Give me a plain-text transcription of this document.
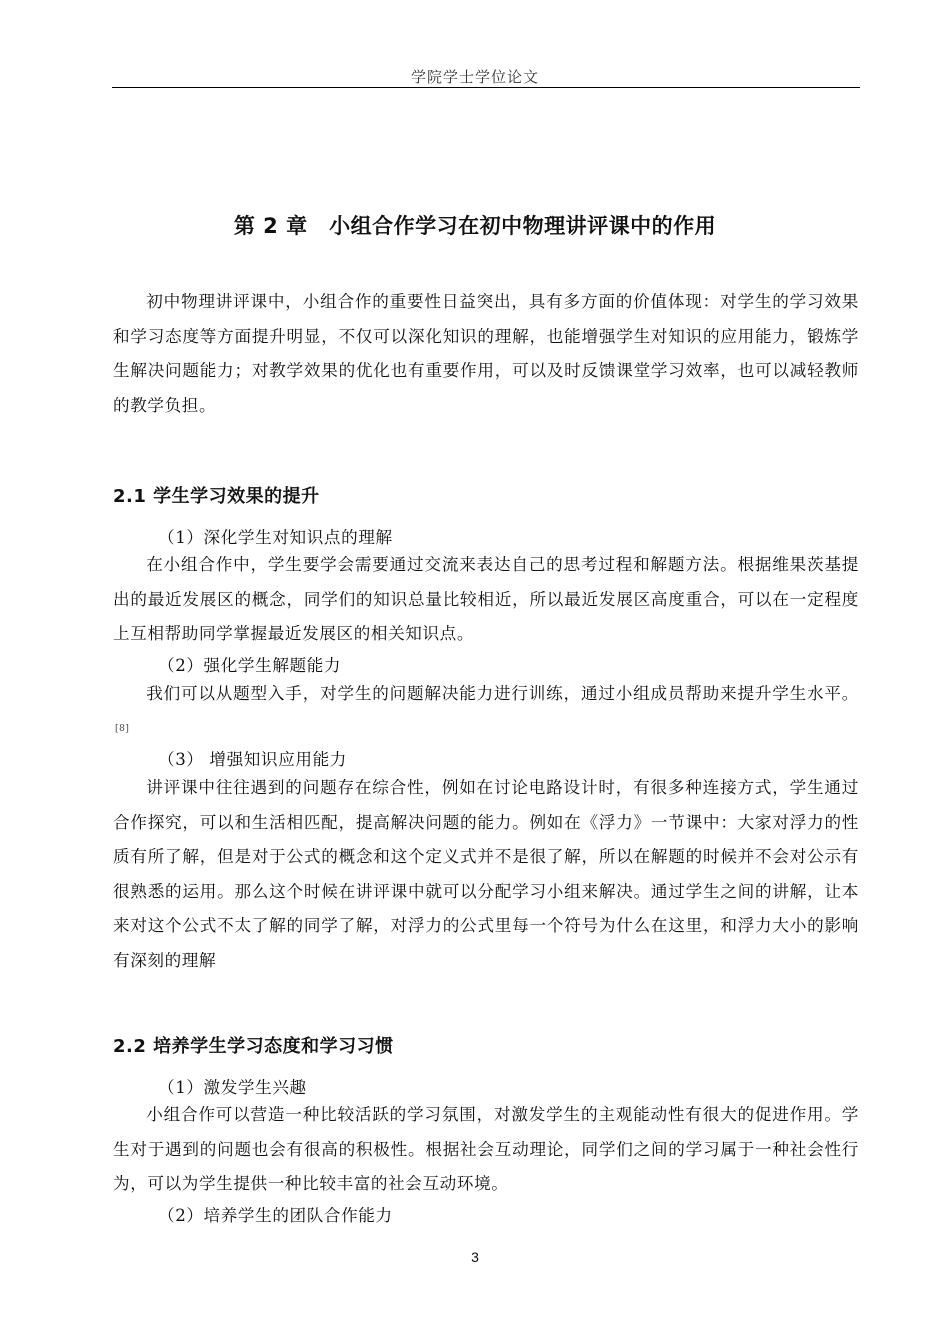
学院学士学位论文
第 2 章　小组合作学习在初中物理讲评课中的作用
初中物理讲评课中，小组合作的重要性日益突出，具有多方面的价值体现：对学生的学习效果和学习态度等方面提升明显，不仅可以深化知识的理解，也能增强学生对知识的应用能力，锻炼学生解决问题能力；对教学效果的优化也有重要作用，可以及时反馈课堂学习效率，也可以减轻教师的教学负担。
2.1 学生学习效果的提升
（1）深化学生对知识点的理解
在小组合作中，学生要学会需要通过交流来表达自己的思考过程和解题方法。根据维果茨基提出的最近发展区的概念，同学们的知识总量比较相近，所以最近发展区高度重合，可以在一定程度上互相帮助同学掌握最近发展区的相关知识点。
（2）强化学生解题能力
我们可以从题型入手，对学生的问题解决能力进行训练，通过小组成员帮助来提升学生水平。[8]
（3） 增强知识应用能力
讲评课中往往遇到的问题存在综合性，例如在讨论电路设计时，有很多种连接方式，学生通过合作探究，可以和生活相匹配，提高解决问题的能力。例如在《浮力》一节课中：大家对浮力的性质有所了解，但是对于公式的概念和这个定义式并不是很了解，所以在解题的时候并不会对公示有很熟悉的运用。那么这个时候在讲评课中就可以分配学习小组来解决。通过学生之间的讲解，让本来对这个公式不太了解的同学了解，对浮力的公式里每一个符号为什么在这里，和浮力大小的影响有深刻的理解
2.2 培养学生学习态度和学习习惯
（1）激发学生兴趣
小组合作可以营造一种比较活跃的学习氛围，对激发学生的主观能动性有很大的促进作用。学生对于遇到的问题也会有很高的积极性。根据社会互动理论，同学们之间的学习属于一种社会性行为，可以为学生提供一种比较丰富的社会互动环境。
（2）培养学生的团队合作能力
3
